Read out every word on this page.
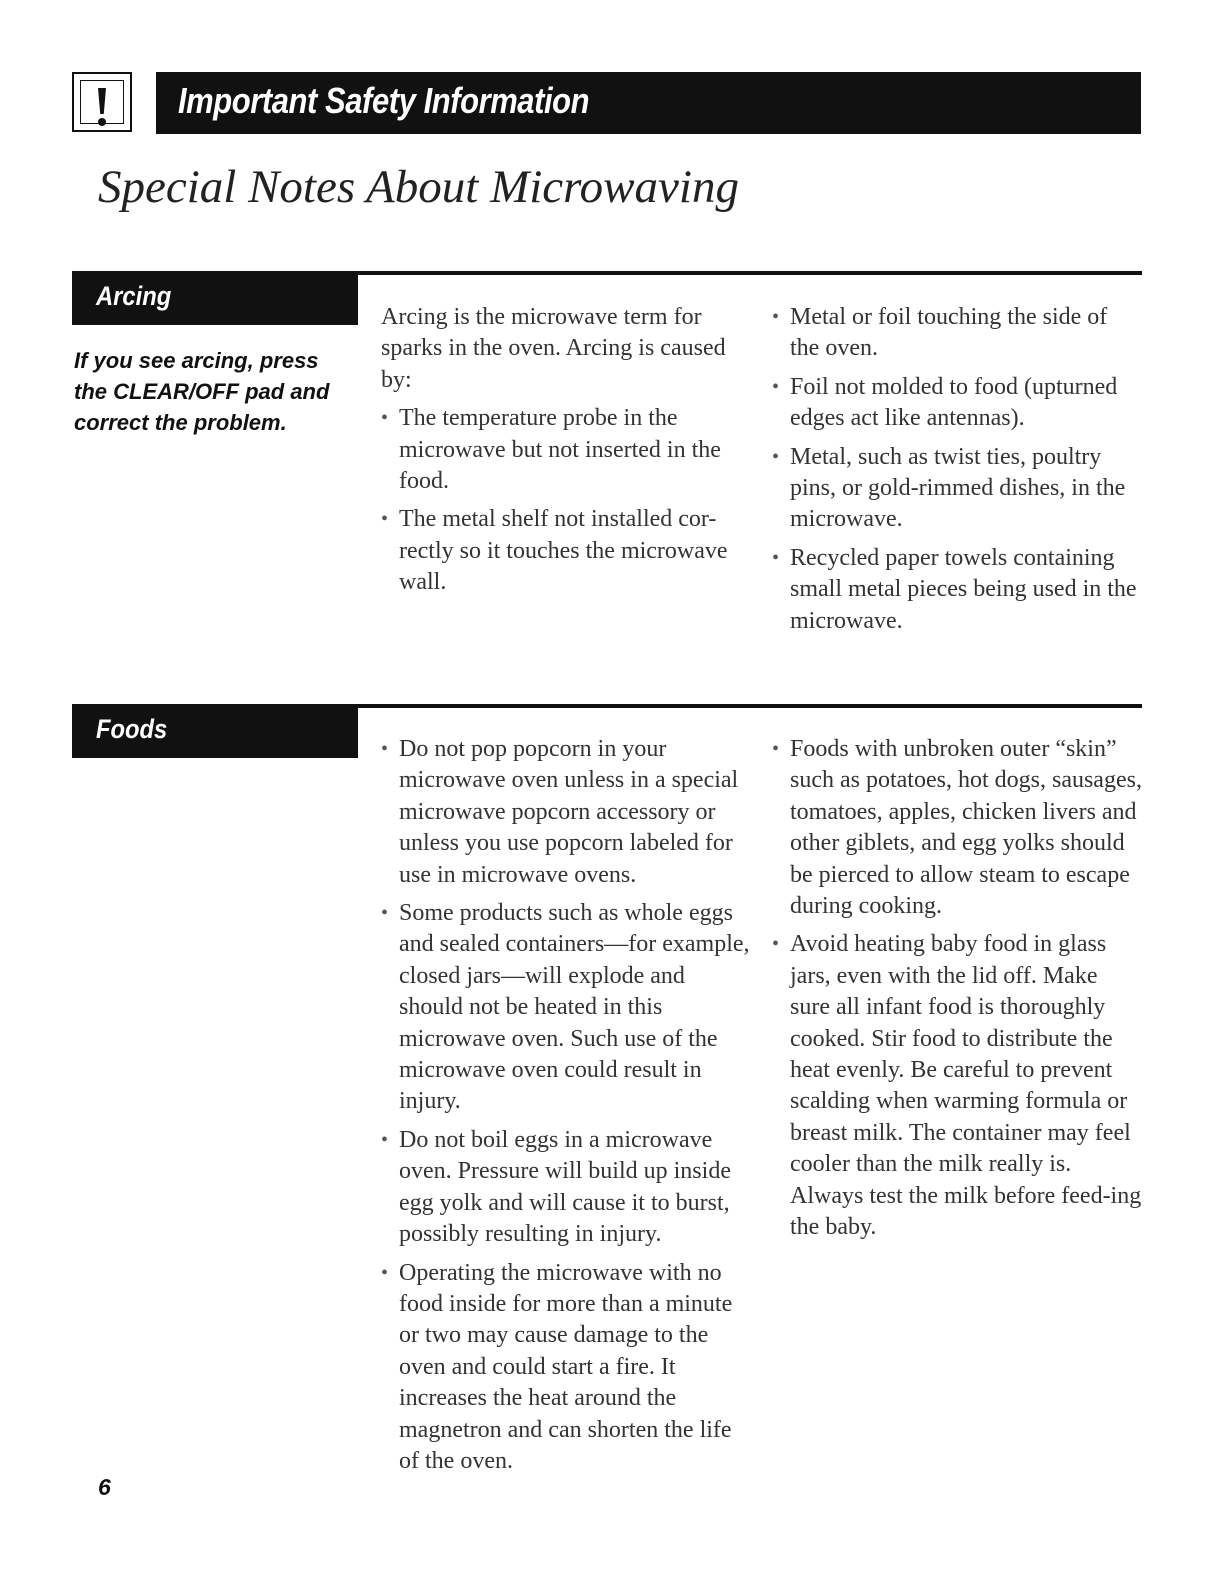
Important Safety Information
Special Notes About Microwaving
Arcing
If you see arcing, press the CLEAR/OFF pad and correct the problem.

Arcing is the microwave term for sparks in the oven. Arcing is caused by:

• The temperature probe in the microwave but not inserted in the food.
• The metal shelf not installed cor-rectly so it touches the microwave wall.
• Metal or foil touching the side of the oven.
• Foil not molded to food (upturned edges act like antennas).
• Metal, such as twist ties, poultry pins, or gold-rimmed dishes, in the microwave.
• Recycled paper towels containing small metal pieces being used in the microwave.
Foods
• Do not pop popcorn in your microwave oven unless in a special microwave popcorn accessory or unless you use popcorn labeled for use in microwave ovens.
• Some products such as whole eggs and sealed containers—for example, closed jars—will explode and should not be heated in this microwave oven. Such use of the microwave oven could result in injury.
• Do not boil eggs in a microwave oven. Pressure will build up inside egg yolk and will cause it to burst, possibly resulting in injury.
• Operating the microwave with no food inside for more than a minute or two may cause damage to the oven and could start a fire. It increases the heat around the magnetron and can shorten the life of the oven.
• Foods with unbroken outer “skin” such as potatoes, hot dogs, sausages, tomatoes, apples, chicken livers and other giblets, and egg yolks should be pierced to allow steam to escape during cooking.
• Avoid heating baby food in glass jars, even with the lid off. Make sure all infant food is thoroughly cooked. Stir food to distribute the heat evenly. Be careful to prevent scalding when warming formula or breast milk. The container may feel cooler than the milk really is. Always test the milk before feed-ing the baby.
6
